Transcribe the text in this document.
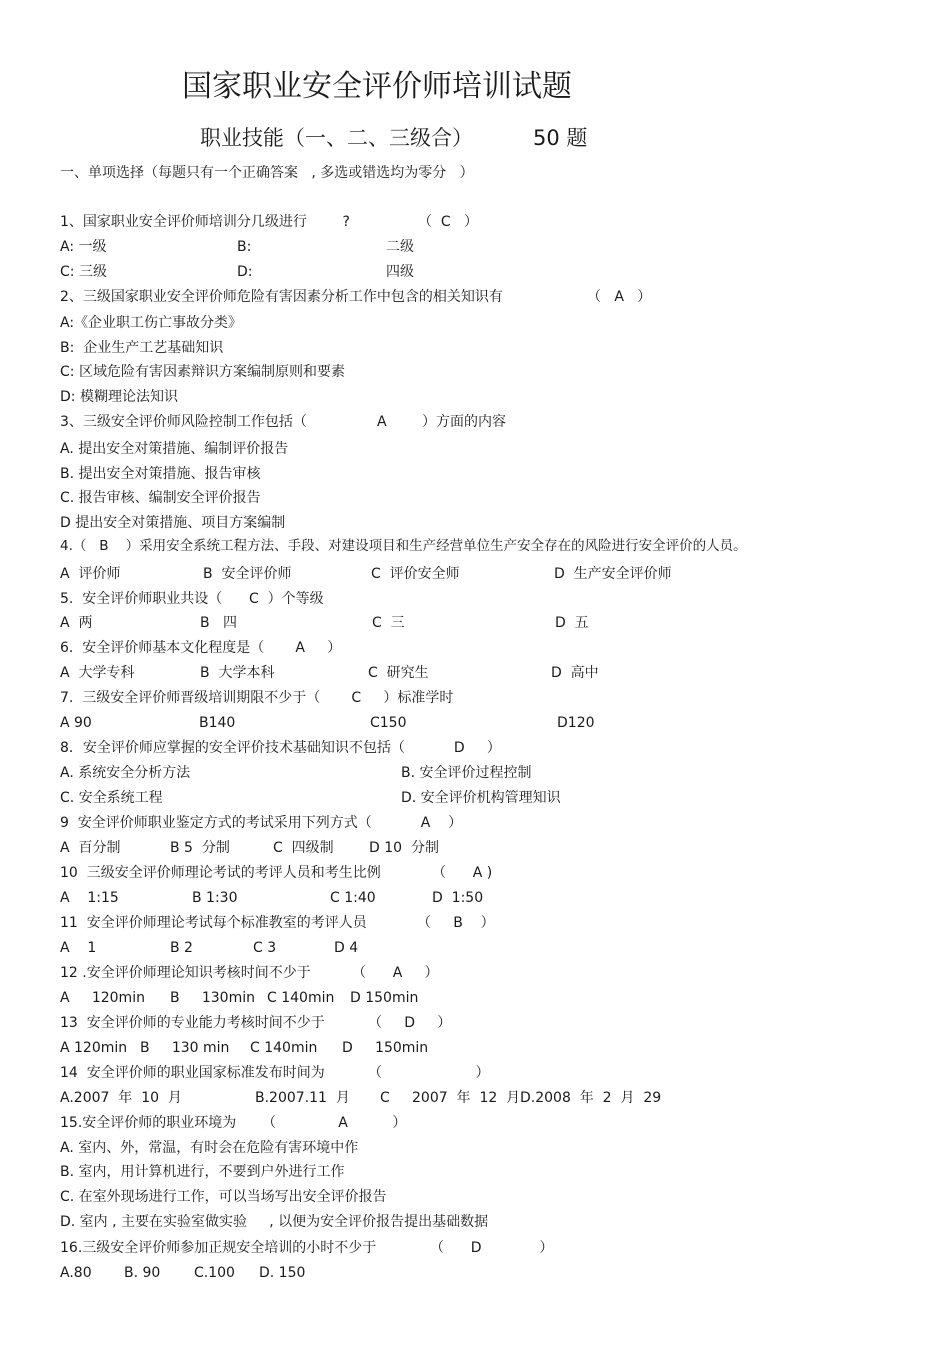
国家职业安全评价师培训试题
职业技能（一、二、三级合）	50 题
一、单项选择（每题只有一个正确答案   , 多选或错选均为零分   ）
1、国家职业安全评价师培训分几级进行        ?	（  C   ）
A: 一级	B:	二级
C: 三级	D:	四级
2、三级国家职业安全评价师危险有害因素分析工作中包含的相关知识有	（   A   ）
A:《企业职工伤亡事故分类》
B:  企业生产工艺基础知识
C: 区域危险有害因素辩识方案编制原则和要素
D: 模糊理论法知识
3、三级安全评价师风险控制工作包括（	A	）方面的内容
A. 提出安全对策措施、编制评价报告
B. 提出安全对策措施、报告审核
C. 报告审核、编制安全评价报告
D 提出安全对策措施、项目方案编制
4.（   B    ）采用安全系统工程方法、手段、对建设项目和生产经营单位生产安全存在的风险进行安全评价的人员。
A  评价师	B  安全评价师	C  评价安全师	D  生产安全评价师
5.  安全评价师职业共设（      C  ）个等级
A  两	B   四	C  三	D  五
6.  安全评价师基本文化程度是（       A     ）
A  大学专科	B  大学本科	C  研究生	D  高中
7.  三级安全评价师晋级培训期限不少于（       C     ）标准学时
A 90	B140	C150	D120
8．安全评价师应掌握的安全评价技术基础知识不包括（           D     ）
A. 系统安全分析方法	B. 安全评价过程控制
C. 安全系统工程	D. 安全评价机构管理知识
9  安全评价师职业鉴定方式的考试采用下列方式（           A    ）
A  百分制	B 5  分制	C  四级制	D 10  分制
10  三级安全评价师理论考试的考评人员和考生比例	（      A )
A    1:15	B 1:30	C 1:40	D  1:50
11  安全评价师理论考试每个标准教室的考评人员	（     B    ）
A    1	B 2	C 3	D 4
12 .安全评价师理论知识考核时间不少于	（      A     ）
A     120min B     130min C 140min D 150min
13  安全评价师的专业能力考核时间不少于	（     D     ）
A 120min B     130 min C 140min D     150min
14  安全评价师的职业国家标准发布时间为	（                     ）
A.2007  年  10  月	B.2007.11  月 C     2007  年  12  月 D.2008  年  2  月  29
15.安全评价师的职业环境为 （              A          ）
A. 室内、外，常温，有时会在危险有害环境中作
B. 室内，用计算机进行，不要到户外进行工作
C. 在室外现场进行工作，可以当场写出安全评价报告
D. 室内 , 主要在实验室做实验     , 以便为安全评价报告提出基础数据
16.三级安全评价师参加正规安全培训的小时不少于	（      D             ）
A.80 B. 90 C.100 D. 150
